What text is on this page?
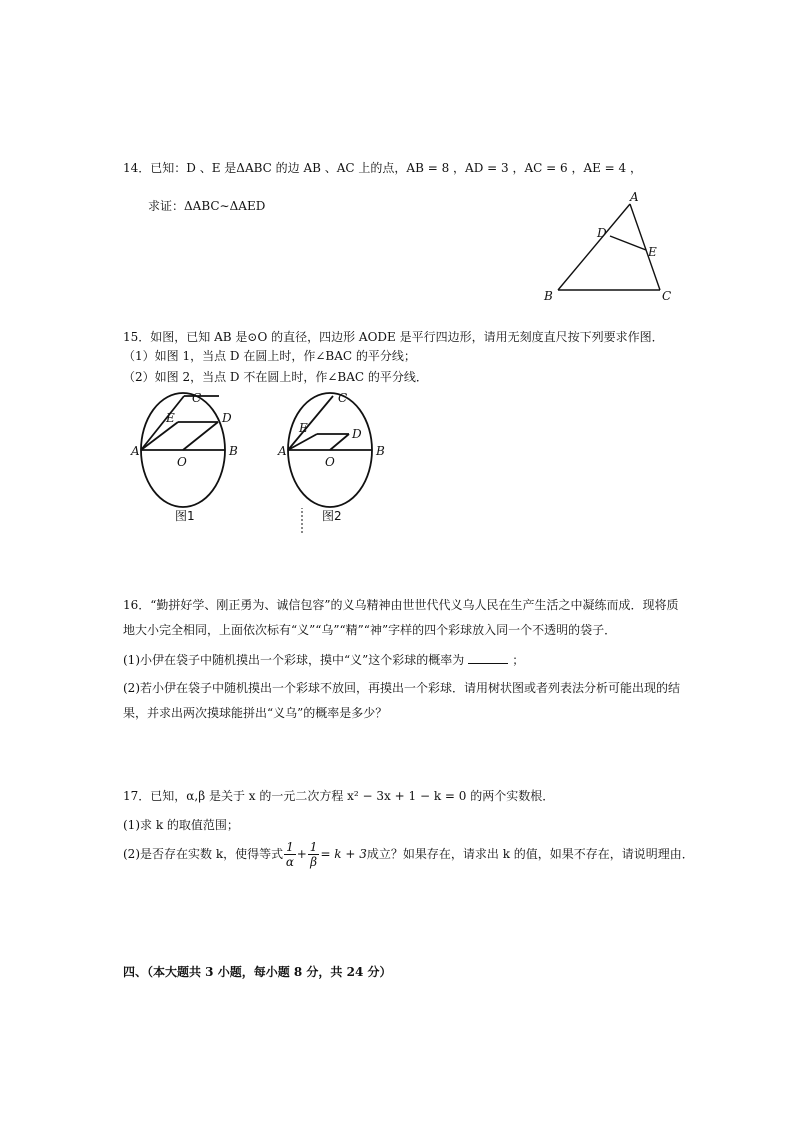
14．已知：D 、E 是ΔABC 的边 AB 、AC 上的点，AB = 8 ，AD = 3 ，AC = 6 ，AE = 4 ，
求证：ΔABC∼ΔAED
A
D
E
B	C
15．如图，已知 AB 是⊙O 的直径，四边形 AODE 是平行四边形，请用无刻度直尺按下列要求作图．
（1）如图 1，当点 D 在圆上时，作∠BAC 的平分线；
（2）如图 2，当点 D 不在圆上时，作∠BAC 的平分线．
C
E	D
A
O
B
图1
C
E	D
A
O
B
图2
16．“勤拼好学、刚正勇为、诚信包容”的义乌精神由世世代代义乌人民在生产生活之中凝练而成．现将质
地大小完全相同，上面依次标有“义”“乌”“精”“神”字样的四个彩球放入同一个不透明的袋子．
(1)小伊在袋子中随机摸出一个彩球，摸中“义”这个彩球的概率为	；
(2)若小伊在袋子中随机摸出一个彩球不放回，再摸出一个彩球．请用树状图或者列表法分析可能出现的结
果，并求出两次摸球能拼出“义乌”的概率是多少？
17．已知，α,β 是关于 x 的一元二次方程 x² − 3x + 1 − k = 0 的两个实数根．
(1)求 k 的取值范围；
(2)是否存在实数 k，使得等式 $\frac{1}{\alpha} + \frac{1}{\beta} = k + 3$成立？如果存在，请求出 k 的值，如果不存在，请说明理由．
四、（本大题共 3 小题，每小题 8 分，共 24 分）
